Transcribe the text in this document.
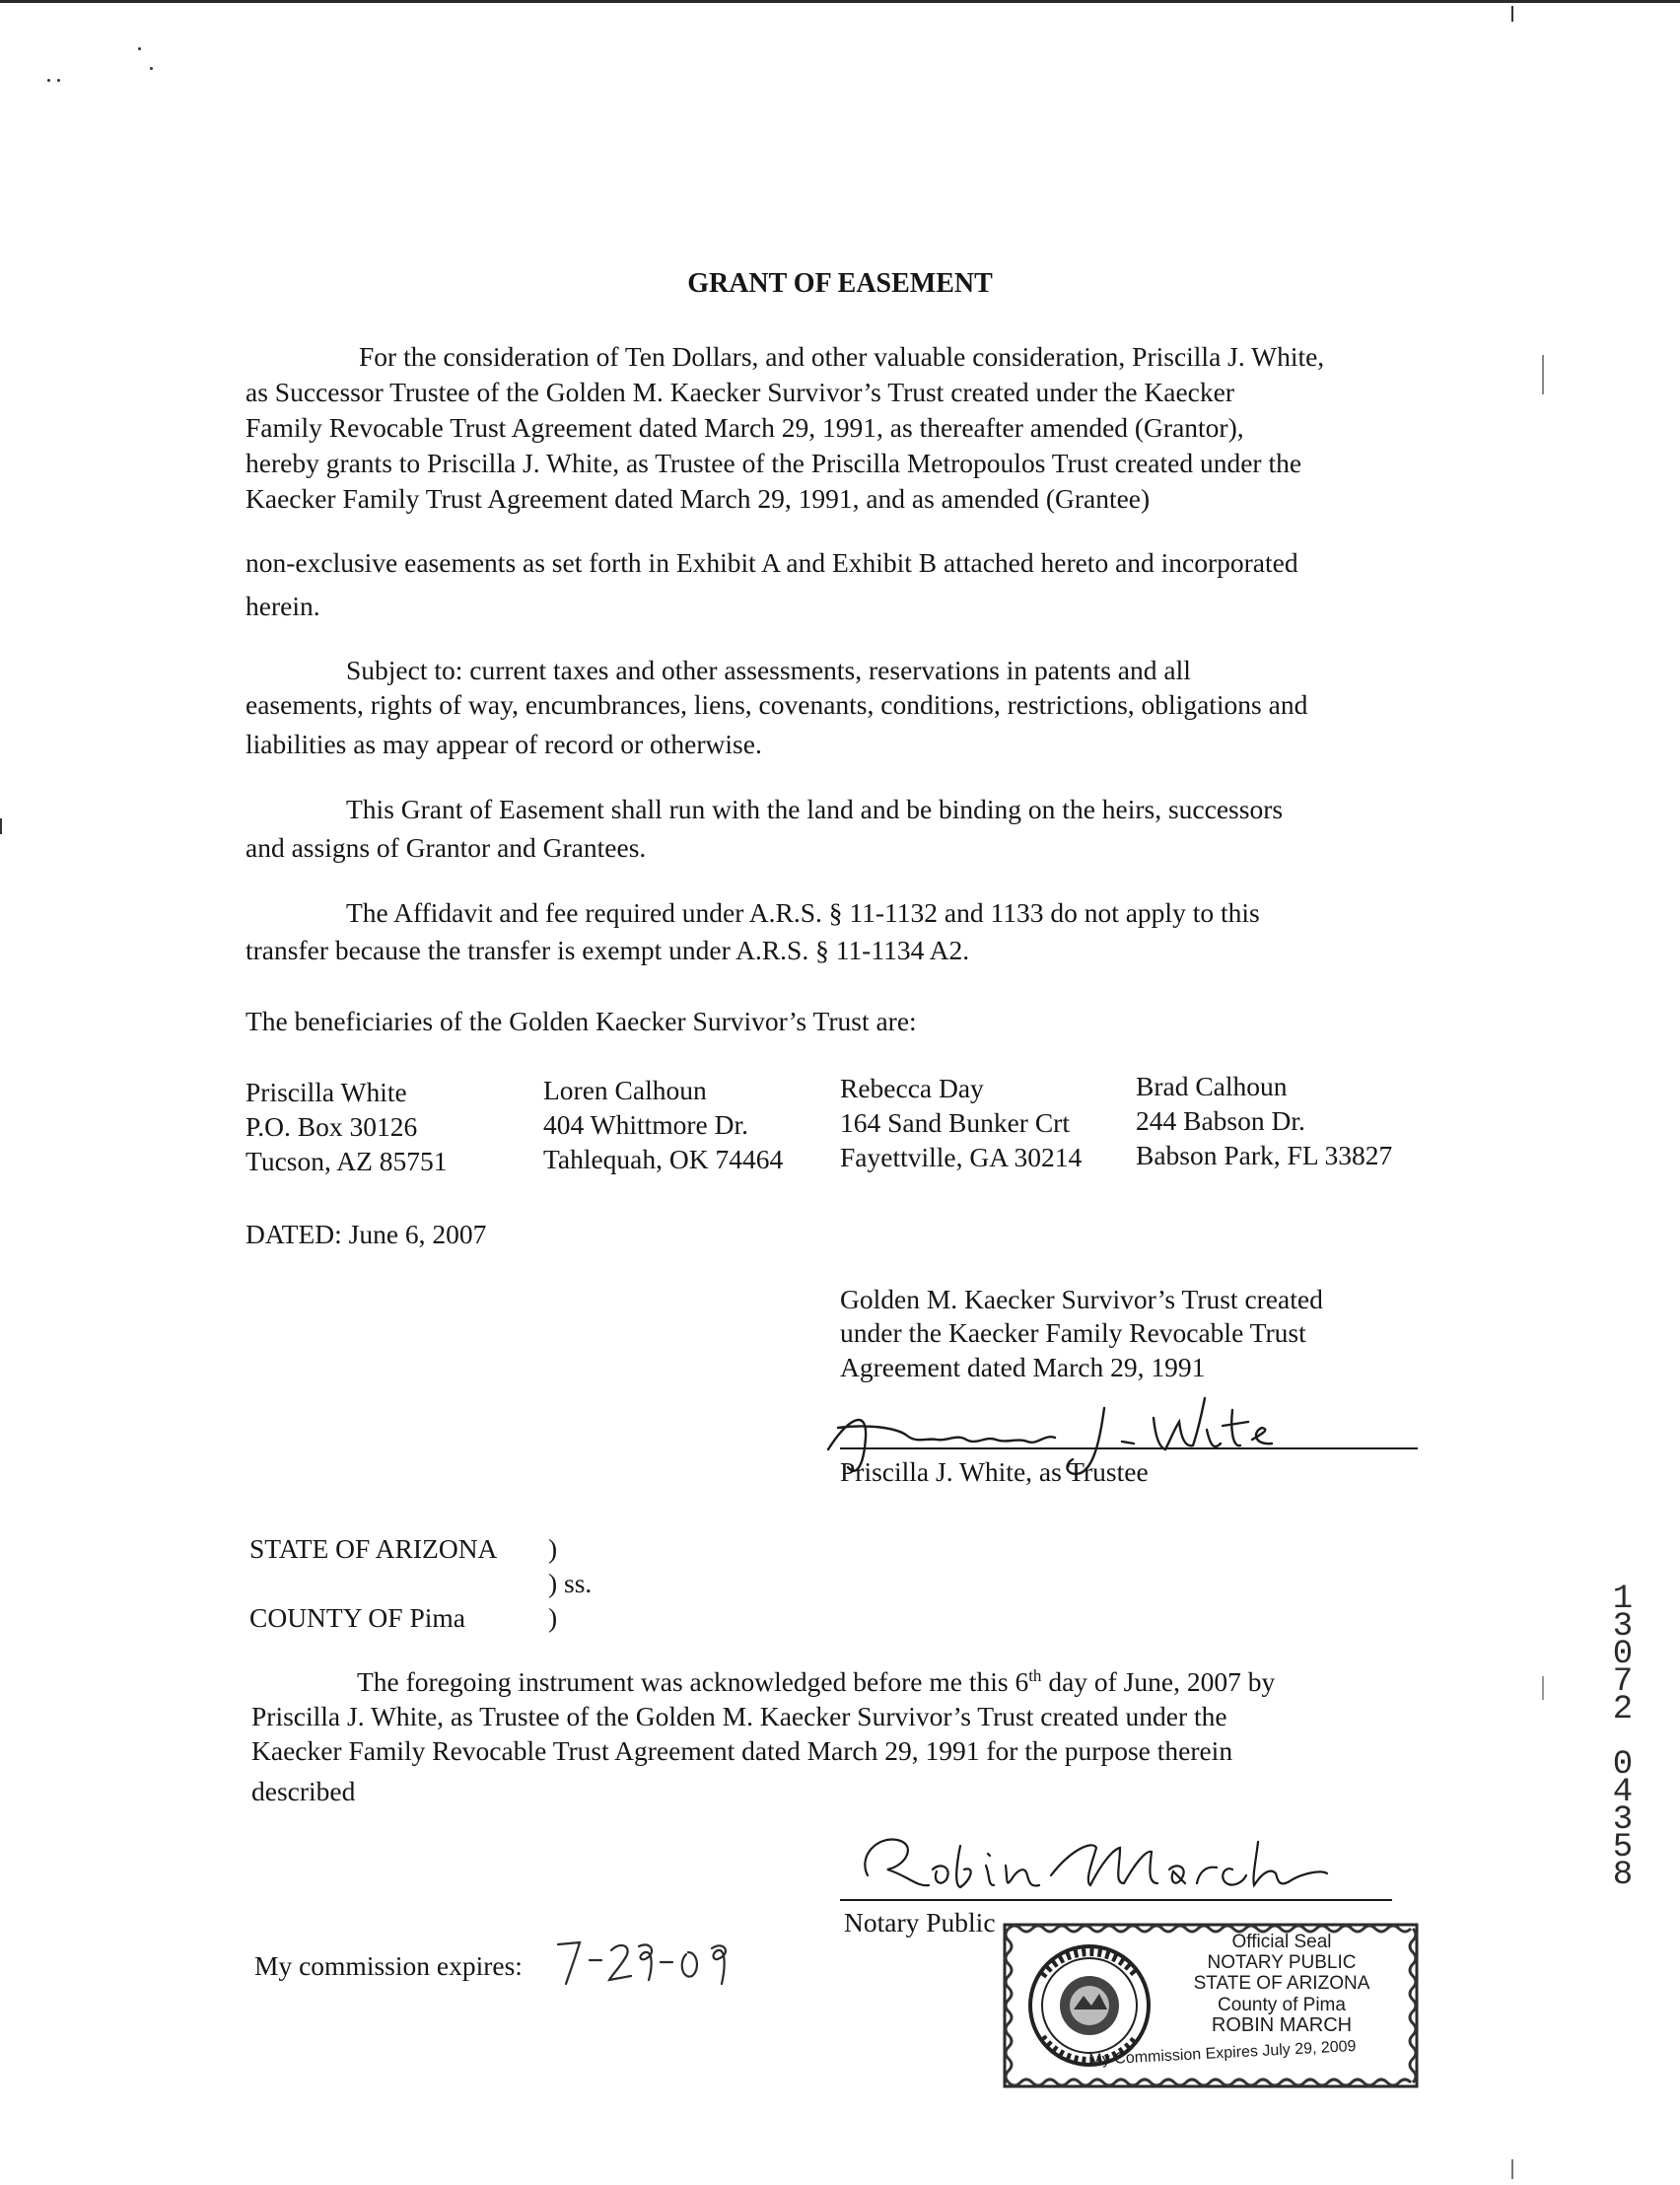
GRANT OF EASEMENT
For the consideration of Ten Dollars, and other valuable consideration, Priscilla J. White,
as Successor Trustee of the Golden M. Kaecker Survivor’s Trust created under the Kaecker
Family Revocable Trust Agreement dated March 29, 1991, as thereafter amended (Grantor),
hereby grants to Priscilla J. White, as Trustee of the Priscilla Metropoulos Trust created under the
Kaecker Family Trust Agreement dated March 29, 1991, and as amended (Grantee)
non-exclusive easements as set forth in Exhibit A and Exhibit B attached hereto and incorporated
herein.
Subject to: current taxes and other assessments, reservations in patents and all
easements, rights of way, encumbrances, liens, covenants, conditions, restrictions, obligations and
liabilities as may appear of record or otherwise.
This Grant of Easement shall run with the land and be binding on the heirs, successors
and assigns of Grantor and Grantees.
The Affidavit and fee required under A.R.S. § 11-1132 and 1133 do not apply to this
transfer because the transfer is exempt under A.R.S. § 11-1134 A2.
The beneficiaries of the Golden Kaecker Survivor’s Trust are:
Priscilla White
P.O. Box 30126
Tucson, AZ 85751
Loren Calhoun
404 Whittmore Dr.
Tahlequah, OK 74464
Rebecca Day
164 Sand Bunker Crt
Fayettville, GA 30214
Brad Calhoun
244 Babson Dr.
Babson Park, FL 33827
DATED: June 6, 2007
Golden M. Kaecker Survivor’s Trust created
under the Kaecker Family Revocable Trust
Agreement dated March 29, 1991
Priscilla J. White, as Trustee
STATE OF ARIZONA )
) ss.
COUNTY OF Pima	)
The foregoing instrument was acknowledged before me this 6th day of June, 2007 by
Priscilla J. White, as Trustee of the Golden M. Kaecker Survivor’s Trust created under the
Kaecker Family Revocable Trust Agreement dated March 29, 1991 for the purpose therein
described
Notary Public
My commission expires:
Official Seal
NOTARY PUBLIC
STATE OF ARIZONA
County of Pima
ROBIN MARCH
My Commission Expires July 29, 2009
1
3
0
7
2
0
4
3
5
8
